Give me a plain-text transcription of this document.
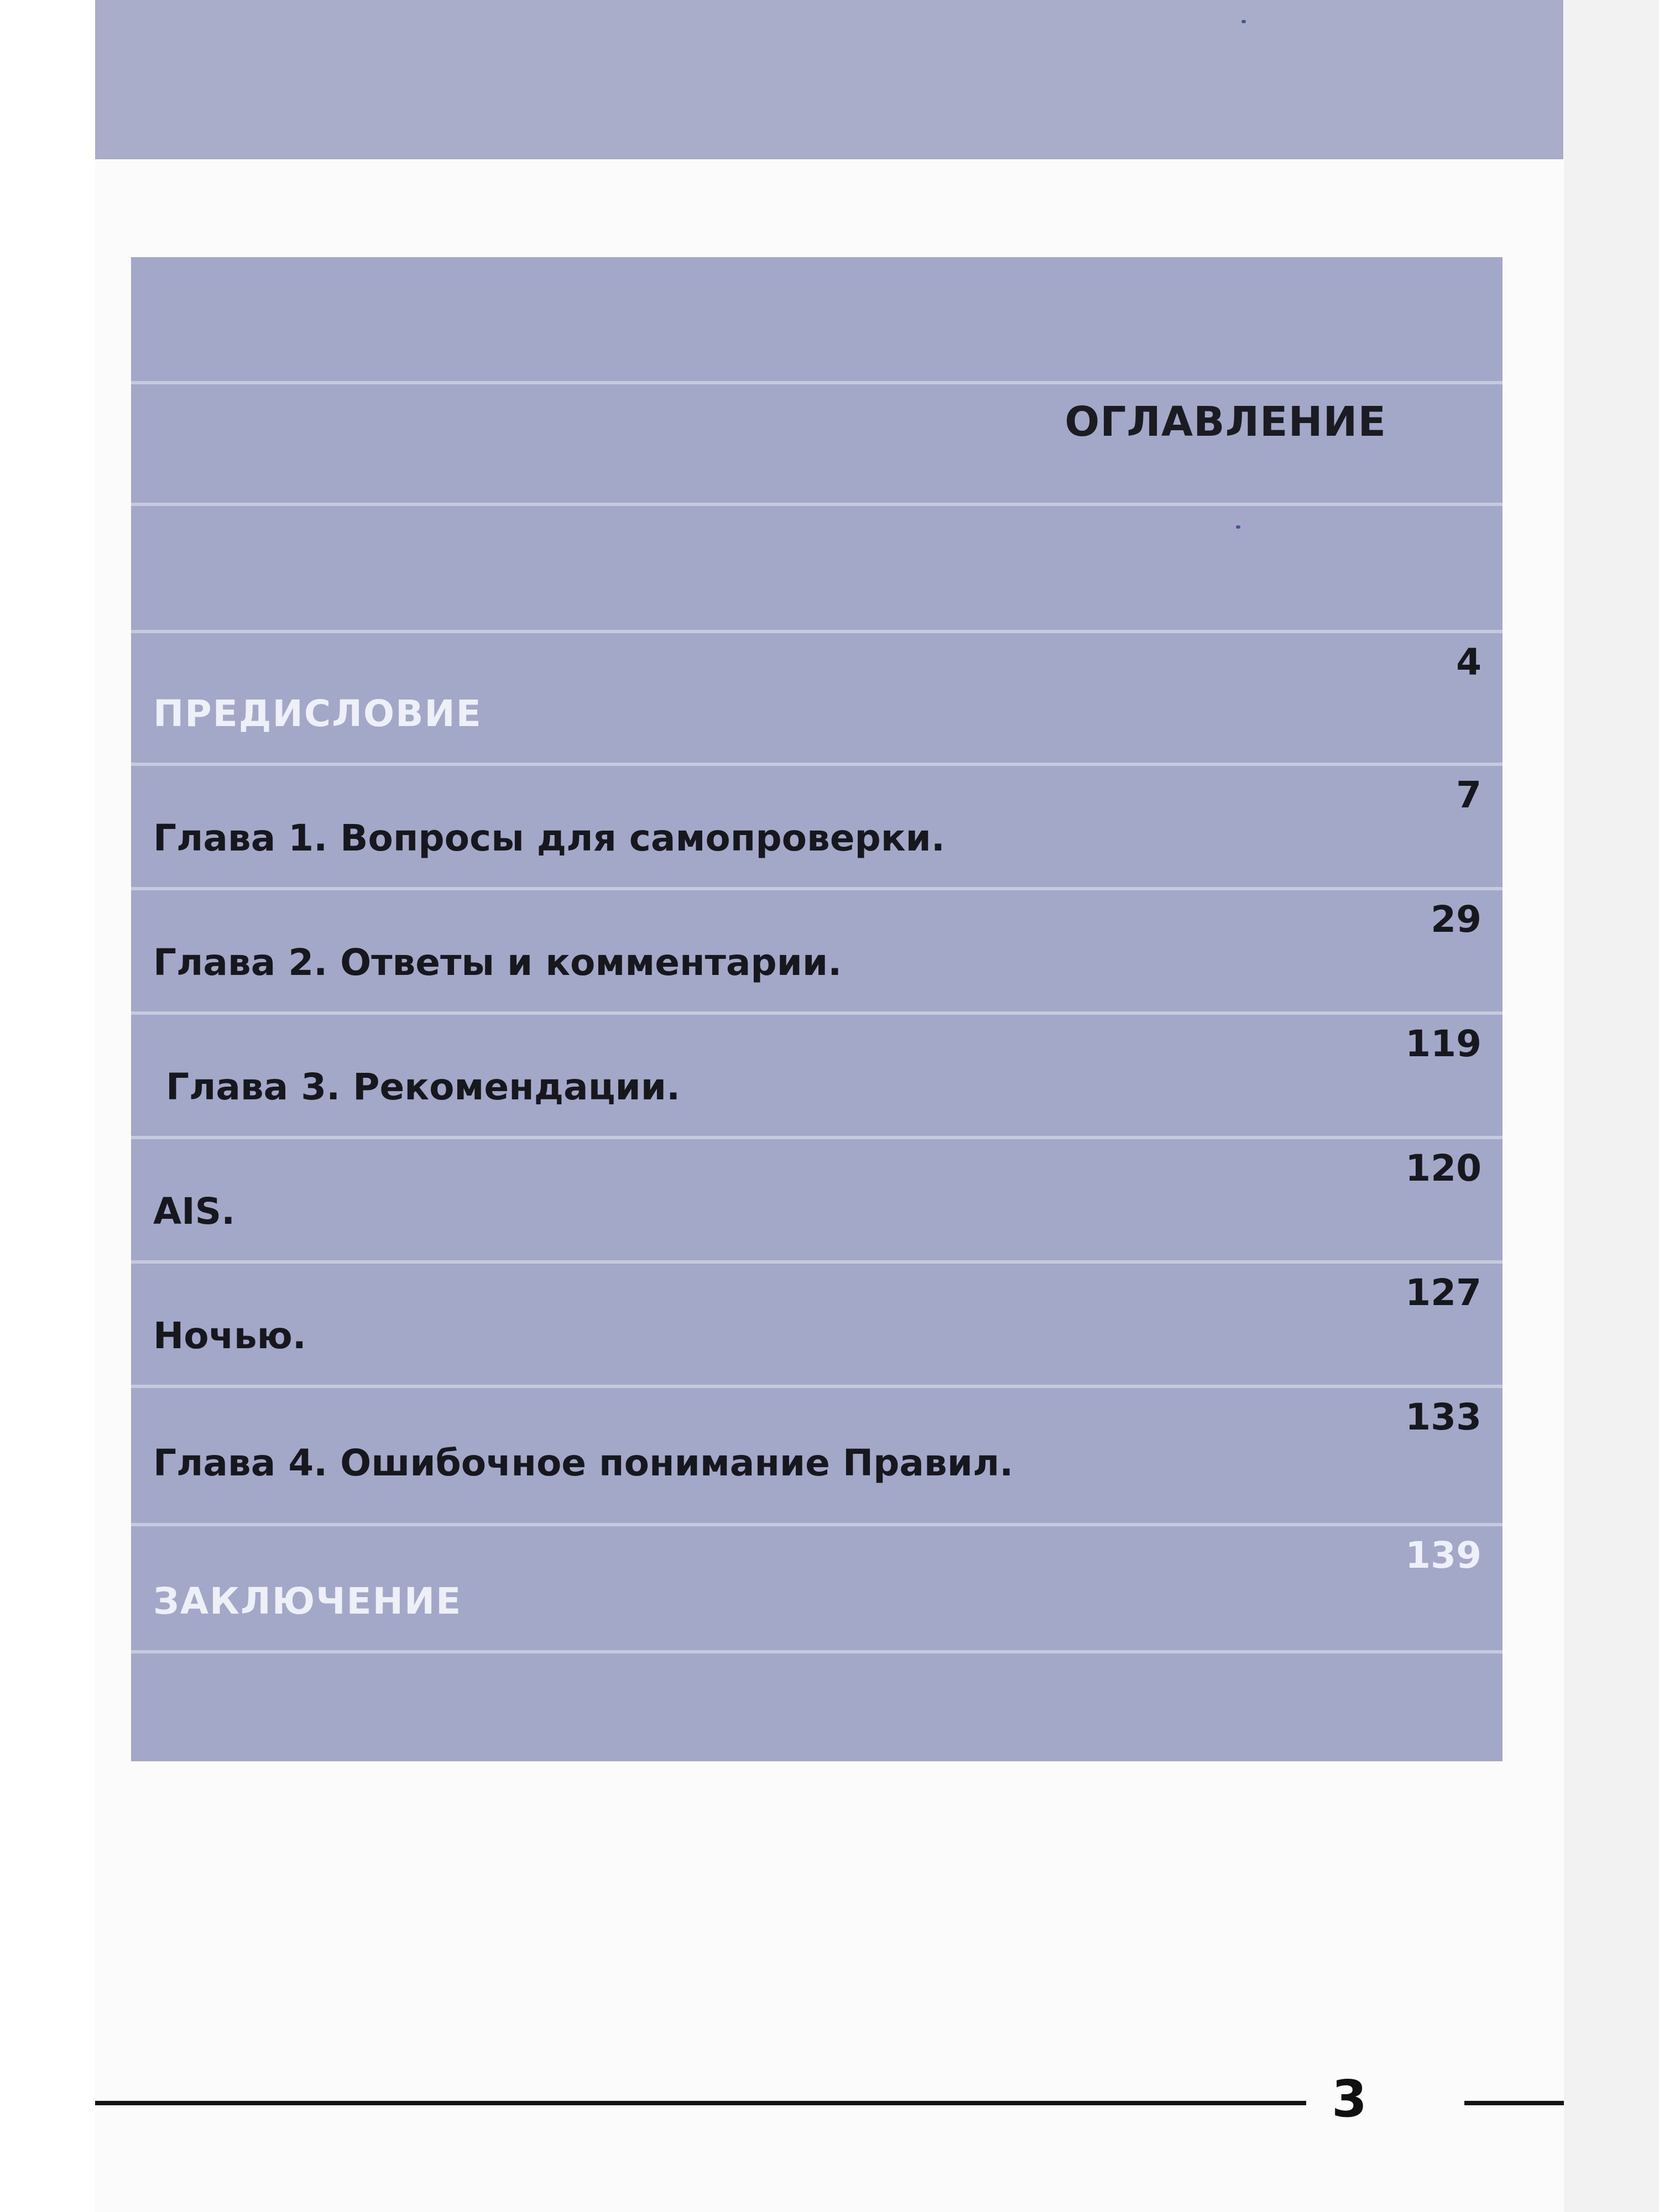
ОГЛАВЛЕНИЕ
ПРЕДИСЛОВИЕ
4
Глава 1. Вопросы для самопроверки.
7
Глава 2. Ответы и комментарии.
29
Глава 3. Рекомендации.
119
AIS.
120
Ночью.
127
Глава 4. Ошибочное понимание Правил.
133
ЗАКЛЮЧЕНИЕ
139
3
